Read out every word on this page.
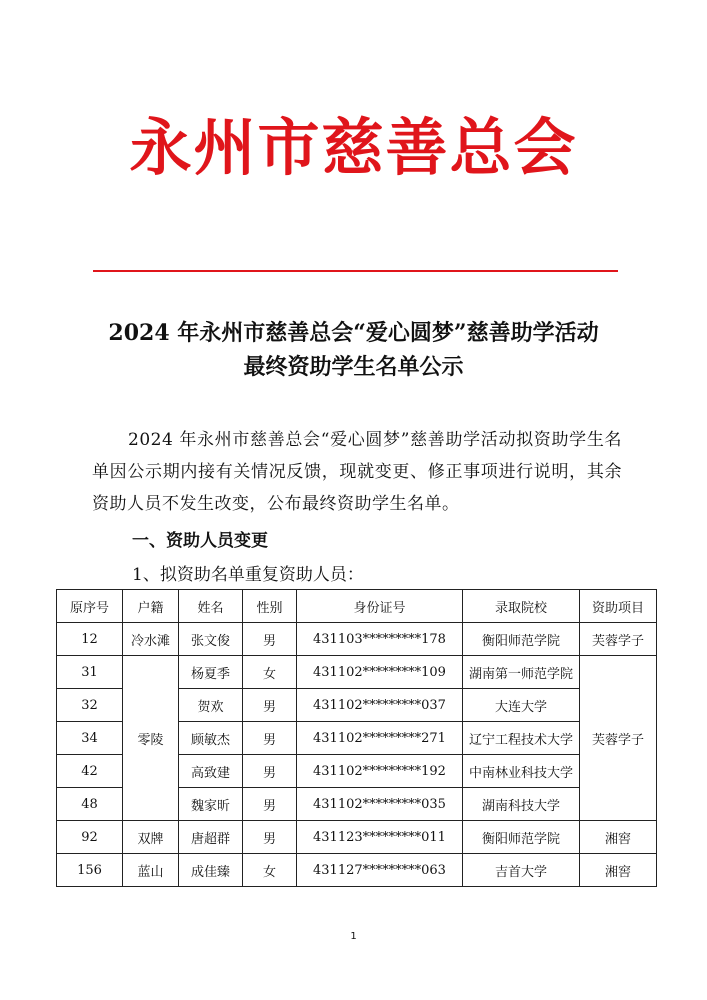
永州市慈善总会
2024 年永州市慈善总会“爱心圆梦”慈善助学活动
最终资助学生名单公示
2024 年永州市慈善总会“爱心圆梦”慈善助学活动拟资助学生名单因公示期内接有关情况反馈，现就变更、修正事项进行说明，其余资助人员不发生改变，公布最终资助学生名单。
一、资助人员变更
1、拟资助名单重复资助人员：
原序号	户籍	姓名	性别	身份证号	录取院校	资助项目
12	冷水滩	张文俊	男	431103*********178	衡阳师范学院	芙蓉学子
31	零陵	杨夏季	女	431102*********109	湖南第一师范学院	芙蓉学子
32		贺欢	男	431102*********037	大连大学	
34		顾敏杰	男	431102*********271	辽宁工程技术大学	
42		高致建	男	431102*********192	中南林业科技大学	
48		魏家昕	男	431102*********035	湖南科技大学	
92	双牌	唐超群	男	431123*********011	衡阳师范学院	湘窖
156	蓝山	成佳臻	女	431127*********063	吉首大学	湘窖
1
